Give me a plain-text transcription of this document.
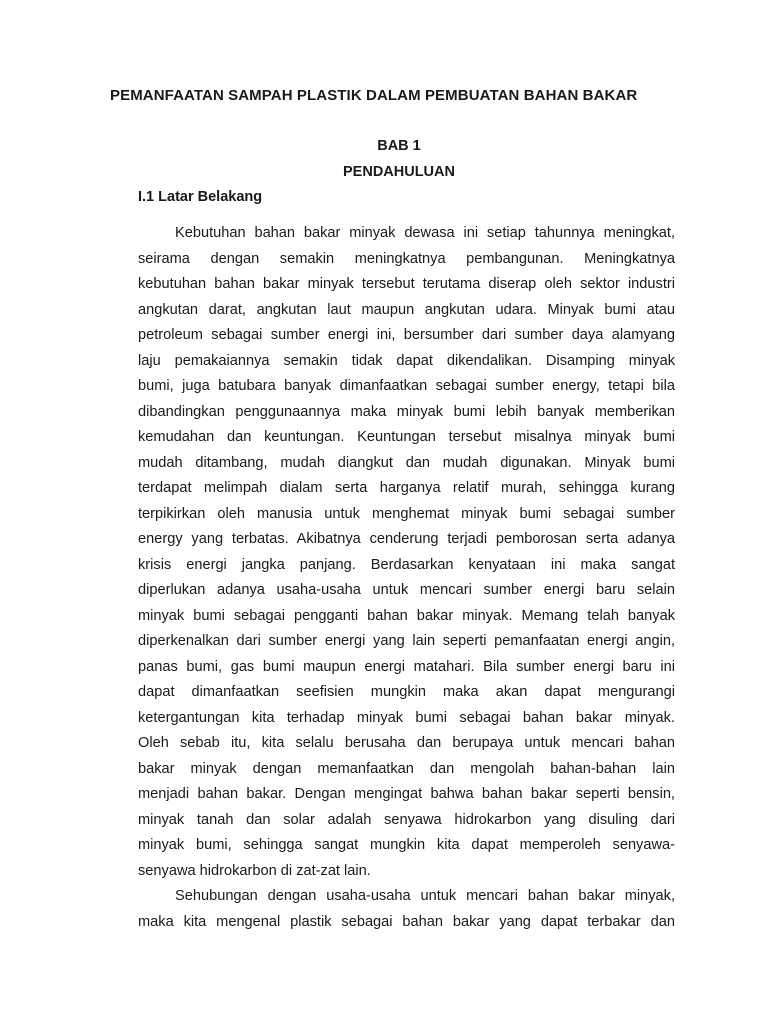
PEMANFAATAN SAMPAH PLASTIK DALAM PEMBUATAN BAHAN BAKAR
BAB 1
PENDAHULUAN
I.1 Latar Belakang
Kebutuhan bahan bakar minyak dewasa ini setiap tahunnya meningkat,
seirama dengan semakin meningkatnya pembangunan. Meningkatnya
kebutuhan bahan bakar minyak tersebut terutama diserap oleh sektor industri
angkutan darat, angkutan laut maupun angkutan udara. Minyak bumi atau
petroleum sebagai sumber energi ini, bersumber dari sumber daya alamyang
laju pemakaiannya semakin tidak dapat dikendalikan. Disamping minyak
bumi, juga batubara banyak dimanfaatkan sebagai sumber energy, tetapi bila
dibandingkan penggunaannya maka minyak bumi lebih banyak memberikan
kemudahan dan keuntungan. Keuntungan tersebut misalnya minyak bumi
mudah ditambang, mudah diangkut dan mudah digunakan. Minyak bumi
terdapat melimpah dialam serta harganya relatif murah, sehingga kurang
terpikirkan oleh manusia untuk menghemat minyak bumi sebagai sumber
energy yang terbatas. Akibatnya cenderung terjadi pemborosan serta adanya
krisis energi jangka panjang. Berdasarkan kenyataan ini maka sangat
diperlukan adanya usaha-usaha untuk mencari sumber energi baru selain
minyak bumi sebagai pengganti bahan bakar minyak. Memang telah banyak
diperkenalkan dari sumber energi yang lain seperti pemanfaatan energi angin,
panas bumi, gas bumi maupun energi matahari. Bila sumber energi baru ini
dapat dimanfaatkan seefisien mungkin maka akan dapat mengurangi
ketergantungan kita terhadap minyak bumi sebagai bahan bakar minyak.
Oleh sebab itu, kita selalu berusaha dan berupaya untuk mencari bahan
bakar minyak dengan memanfaatkan dan mengolah bahan-bahan lain
menjadi bahan bakar. Dengan mengingat bahwa bahan bakar seperti bensin,
minyak tanah dan solar adalah senyawa hidrokarbon yang disuling dari
minyak bumi, sehingga sangat mungkin kita dapat memperoleh senyawa-
senyawa hidrokarbon di zat-zat lain.
Sehubungan dengan usaha-usaha untuk mencari bahan bakar minyak,
maka kita mengenal plastik sebagai bahan bakar yang dapat terbakar dan
